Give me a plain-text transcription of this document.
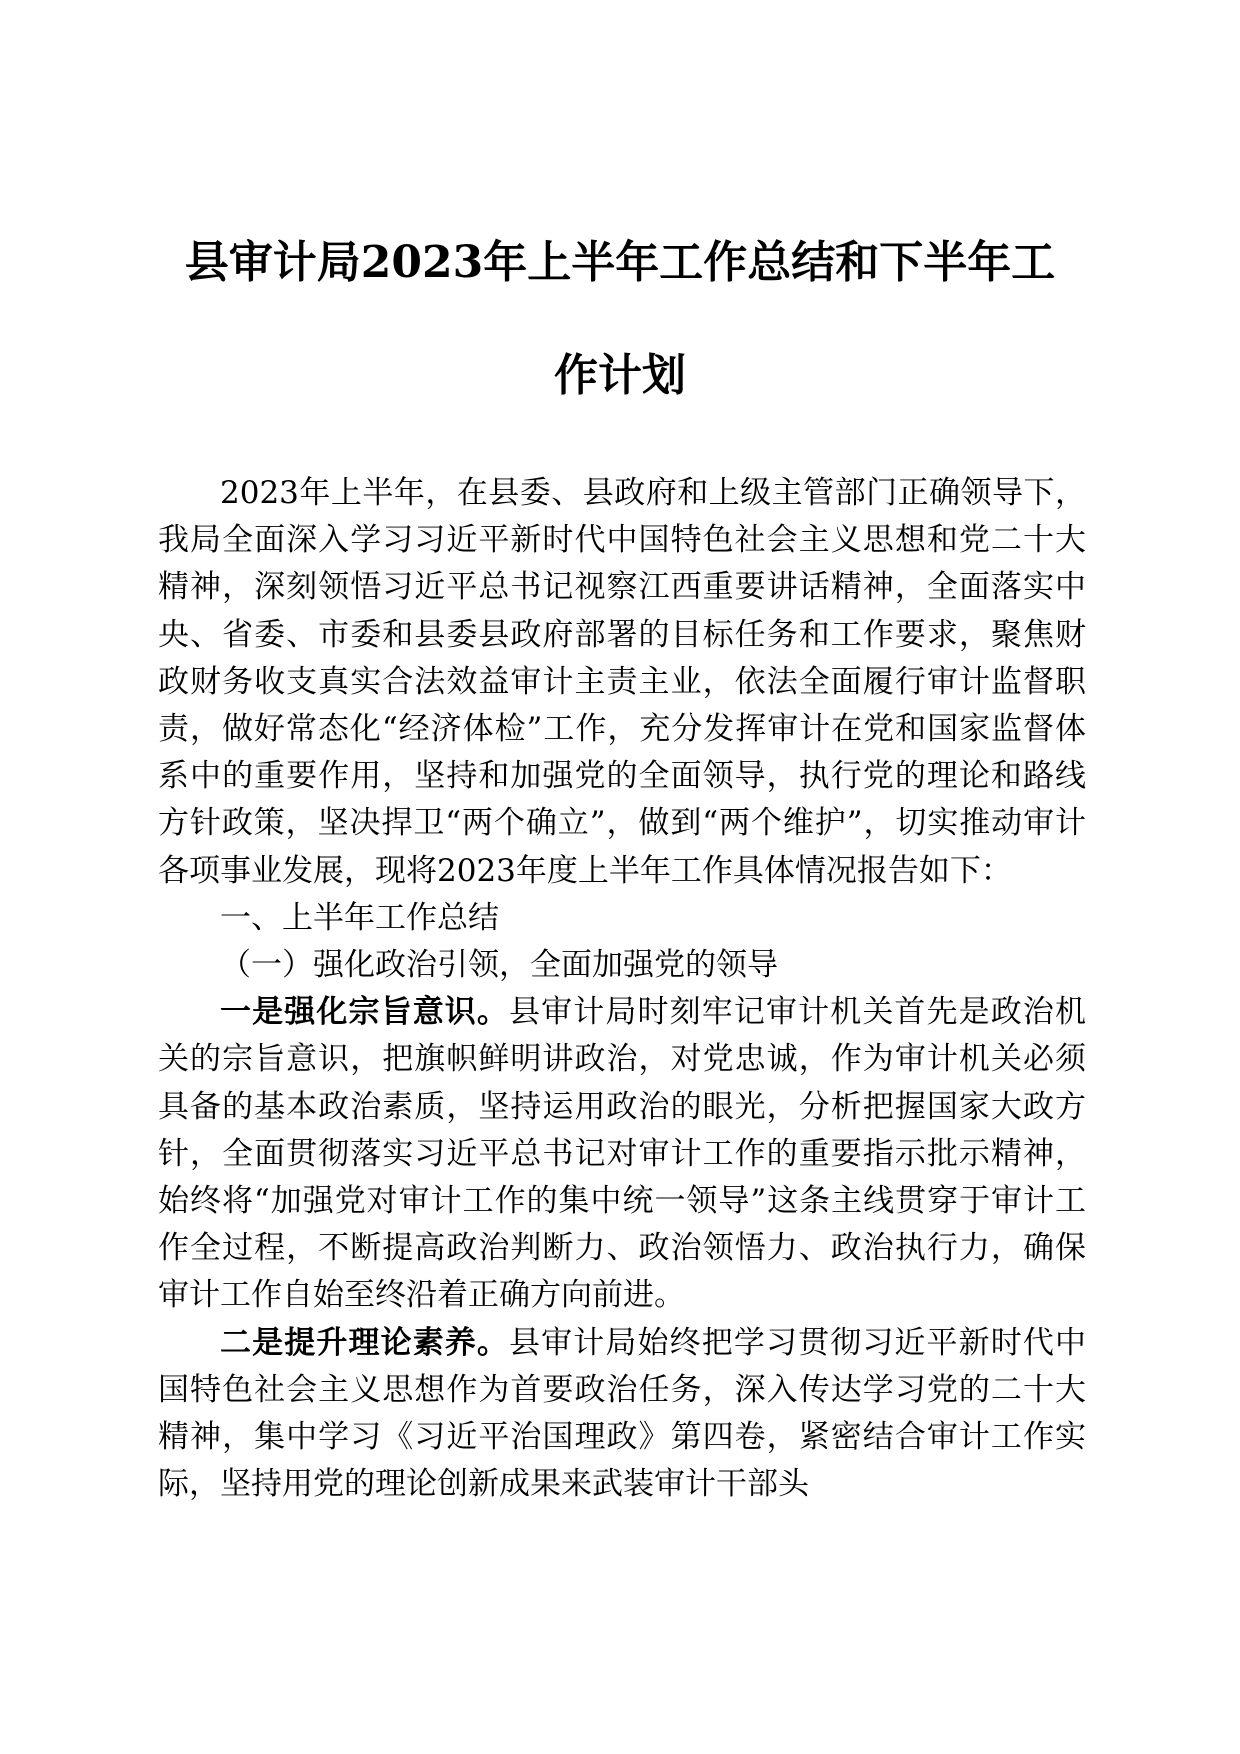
县审计局2023年上半年工作总结和下半年工
作计划

2023年上半年，在县委、县政府和上级主管部门正确领导下，我局全面深入学习习近平新时代中国特色社会主义思想和党二十大精神，深刻领悟习近平总书记视察江西重要讲话精神，全面落实中央、省委、市委和县委县政府部署的目标任务和工作要求，聚焦财政财务收支真实合法效益审计主责主业，依法全面履行审计监督职责，做好常态化“经济体检”工作，充分发挥审计在党和国家监督体系中的重要作用，坚持和加强党的全面领导，执行党的理论和路线方针政策，坚决捍卫“两个确立”，做到“两个维护”，切实推动审计各项事业发展，现将2023年度上半年工作具体情况报告如下：

一、上半年工作总结

（一）强化政治引领，全面加强党的领导

一是强化宗旨意识。县审计局时刻牢记审计机关首先是政治机关的宗旨意识，把旗帜鲜明讲政治，对党忠诚，作为审计机关必须具备的基本政治素质，坚持运用政治的眼光，分析把握国家大政方针，全面贯彻落实习近平总书记对审计工作的重要指示批示精神，始终将“加强党对审计工作的集中统一领导”这条主线贯穿于审计工作全过程，不断提高政治判断力、政治领悟力、政治执行力，确保审计工作自始至终沿着正确方向前进。

二是提升理论素养。县审计局始终把学习贯彻习近平新时代中国特色社会主义思想作为首要政治任务，深入传达学习党的二十大精神，集中学习《习近平治国理政》第四卷，紧密结合审计工作实际，坚持用党的理论创新成果来武装审计干部头
